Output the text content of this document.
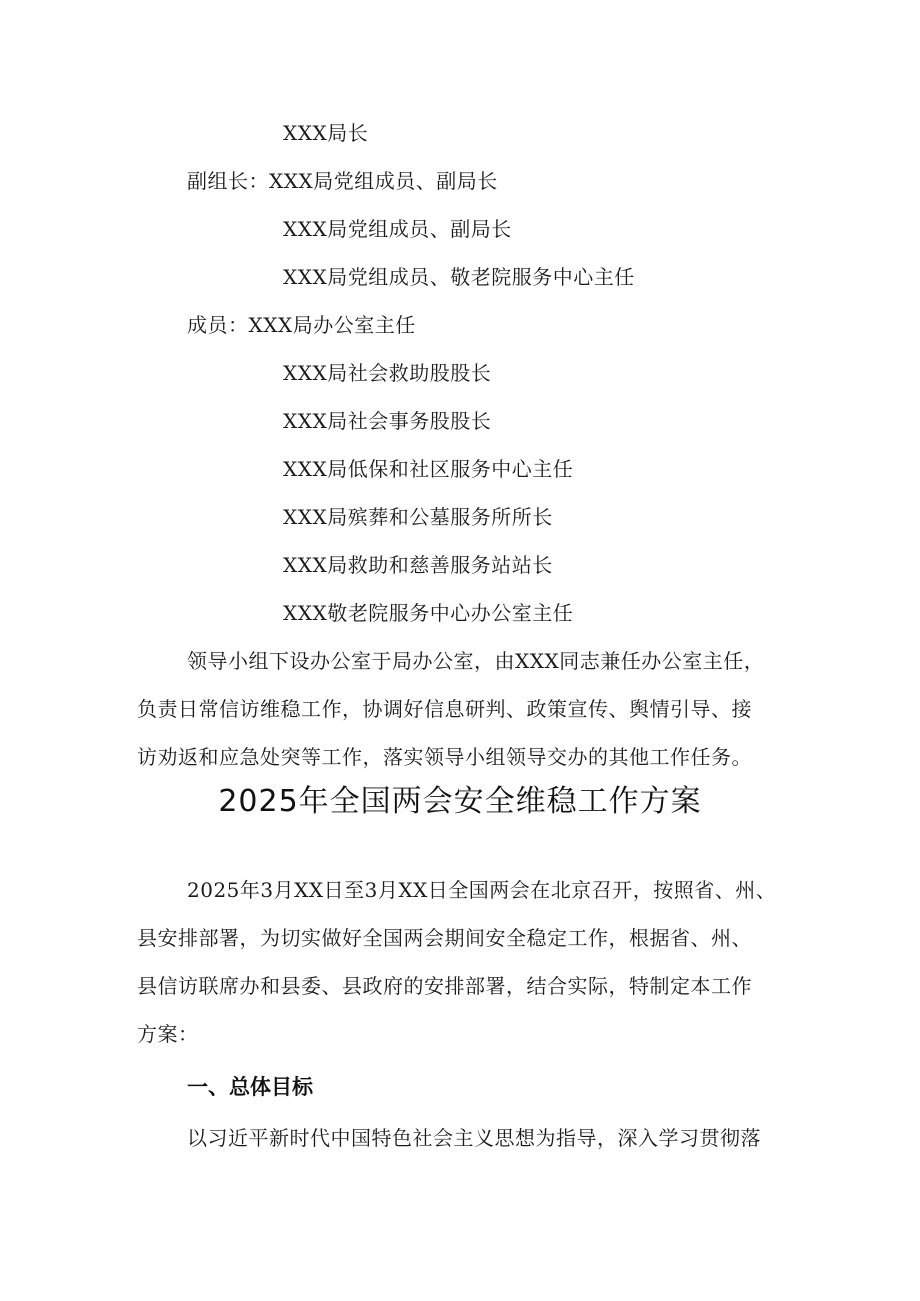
XXX局长
副组长：XXX局党组成员、副局长
XXX局党组成员、副局长
XXX局党组成员、敬老院服务中心主任
成员：XXX局办公室主任
XXX局社会救助股股长
XXX局社会事务股股长
XXX局低保和社区服务中心主任
XXX局殡葬和公墓服务所所长
XXX局救助和慈善服务站站长
XXX敬老院服务中心办公室主任
领导小组下设办公室于局办公室，由XXX同志兼任办公室主任，
负责日常信访维稳工作，协调好信息研判、政策宣传、舆情引导、接
访劝返和应急处突等工作，落实领导小组领导交办的其他工作任务。
2025年全国两会安全维稳工作方案
2025年3月XX日至3月XX日全国两会在北京召开，按照省、州、
县安排部署，为切实做好全国两会期间安全稳定工作，根据省、州、
县信访联席办和县委、县政府的安排部署，结合实际，特制定本工作
方案：
一、总体目标
以习近平新时代中国特色社会主义思想为指导，深入学习贯彻落
